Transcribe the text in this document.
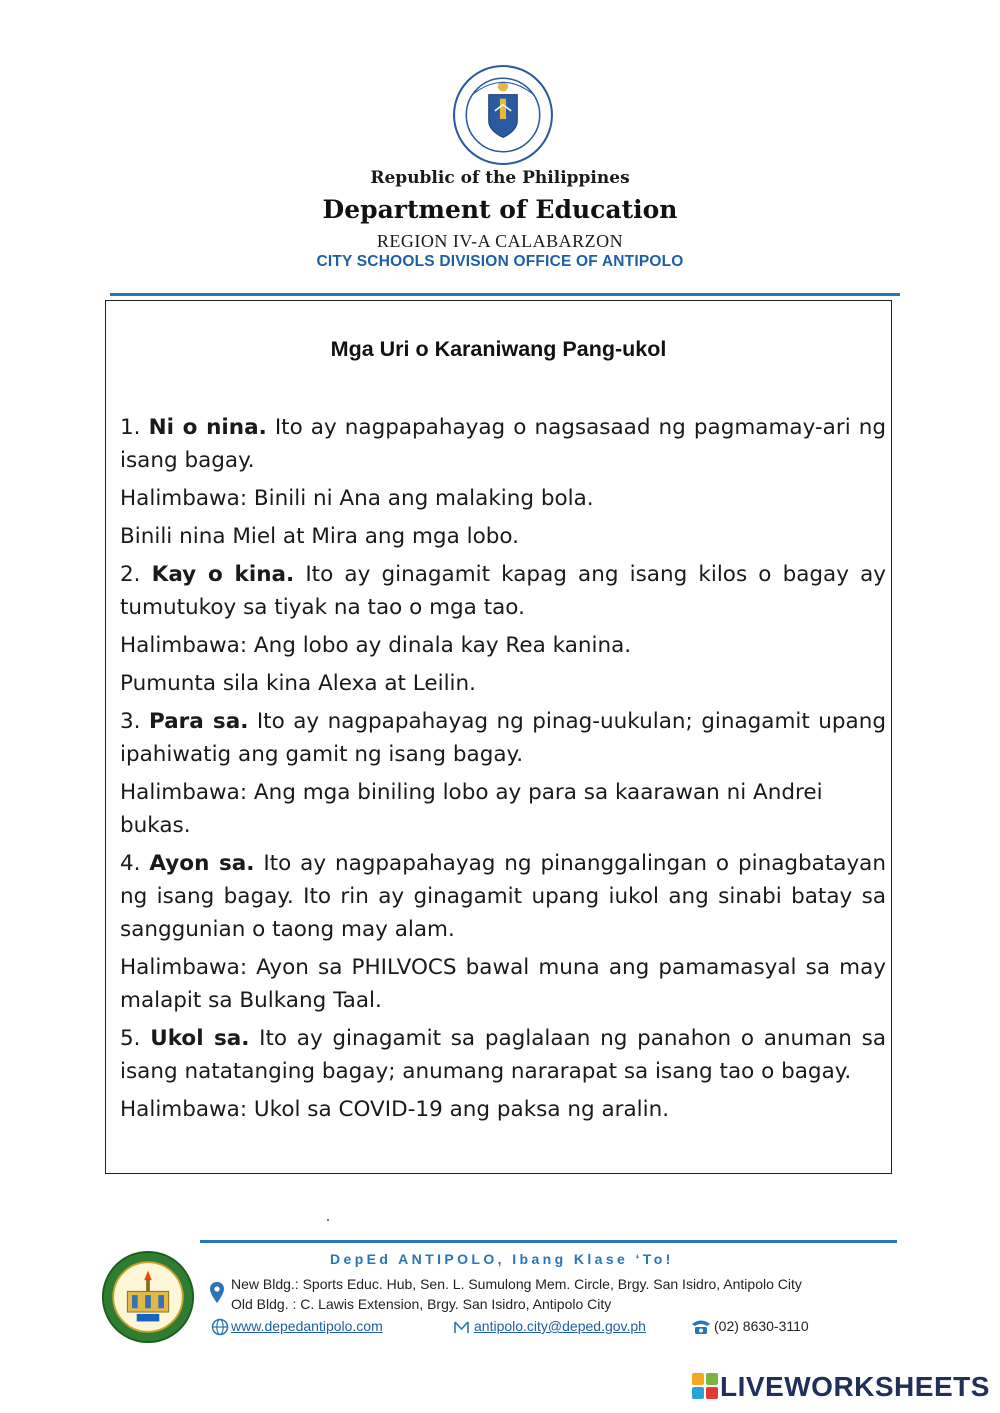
Republic of the Philippines
Department of Education
REGION IV-A CALABARZON
CITY SCHOOLS DIVISION OFFICE OF ANTIPOLO
Mga Uri o Karaniwang Pang-ukol

1. Ni o nina. Ito ay nagpapahayag o nagsasaad ng pagmamay-ari ng isang bagay.

Halimbawa: Binili ni Ana ang malaking bola.

Binili nina Miel at Mira ang mga lobo.

2. Kay o kina. Ito ay ginagamit kapag ang isang kilos o bagay ay tumutukoy sa tiyak na tao o mga tao.

Halimbawa: Ang lobo ay dinala kay Rea kanina.

Pumunta sila kina Alexa at Leilin.

3. Para sa. Ito ay nagpapahayag ng pinag-uukulan; ginagamit upang ipahiwatig ang gamit ng isang bagay.

Halimbawa: Ang mga biniling lobo ay para sa kaarawan ni Andrei bukas.

4. Ayon sa. Ito ay nagpapahayag ng pinanggalingan o pinagbatayan ng isang bagay. Ito rin ay ginagamit upang iukol ang sinabi batay sa sanggunian o taong may alam.

Halimbawa: Ayon sa PHILVOCS bawal muna ang pamamasyal sa may malapit sa Bulkang Taal.

5. Ukol sa. Ito ay ginagamit sa paglalaan ng panahon o anuman sa isang natatanging bagay; anumang nararapat sa isang tao o bagay.

Halimbawa: Ukol sa COVID-19 ang paksa ng aralin.

DepEd ANTIPOLO, Ibang Klase ‘To!
New Bldg.: Sports Educ. Hub, Sen. L. Sumulong Mem. Circle, Brgy. San Isidro, Antipolo City
Old Bldg. : C. Lawis Extension, Brgy. San Isidro, Antipolo City
www.depedantipolo.com	antipolo.city@deped.gov.ph	(02) 8630-3110
LIVEWORKSHEETS
